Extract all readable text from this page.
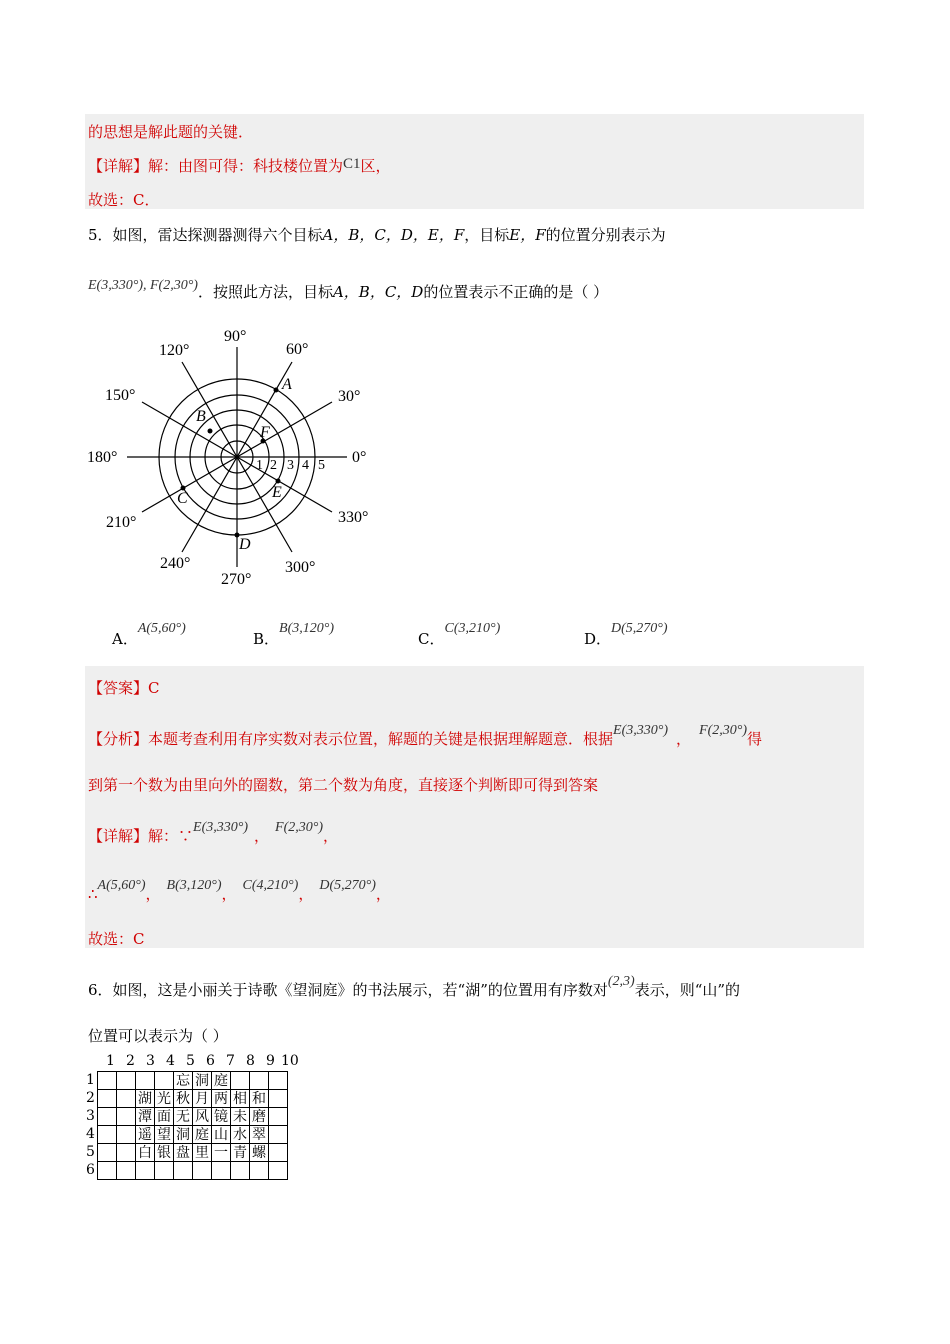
的思想是解此题的关键．
【详解】解：由图可得：科技楼位置为C1区，
故选：C．
5．如图，雷达探测器测得六个目标A，B，C，D，E，F，目标E，F的位置分别表示为
E(3,330°), F(2,30°)．按照此方法，目标A，B，C，D的位置表示不正确的是（ ）
0°
30°
60°
90°
120°
150°
180°
210°
240°
270°
300°
330°
1 2 3 4 5
A
B
C
D
E
F
A．A(5,60°)
B．B(3,120°)
C．C(3,210°)
D．D(5,270°)
【答案】C
【分析】本题考查利用有序实数对表示位置，解题的关键是根据理解题意．根据E(3,330°) ， F(2,30°)得
到第一个数为由里向外的圈数，第二个数为角度，直接逐个判断即可得到答案
【详解】解：∵E(3,330°) ， F(2,30°)，
∴A(5,60°)， B(3,120°)， C(4,210°)， D(5,270°)，
故选：C
6．如图，这是小丽关于诗歌《望洞庭》的书法展示，若“湖”的位置用有序数对(2,3)表示，则“山”的
位置可以表示为（ ）
1 2 3 4 5 6 7 8 9 10
1
2
3
4
5
6
				忘	洞	庭			
		湖	光	秋	月	两	相	和	
		潭	面	无	风	镜	未	磨	
		遥	望	洞	庭	山	水	翠	
		白	银	盘	里	一	青	螺	
